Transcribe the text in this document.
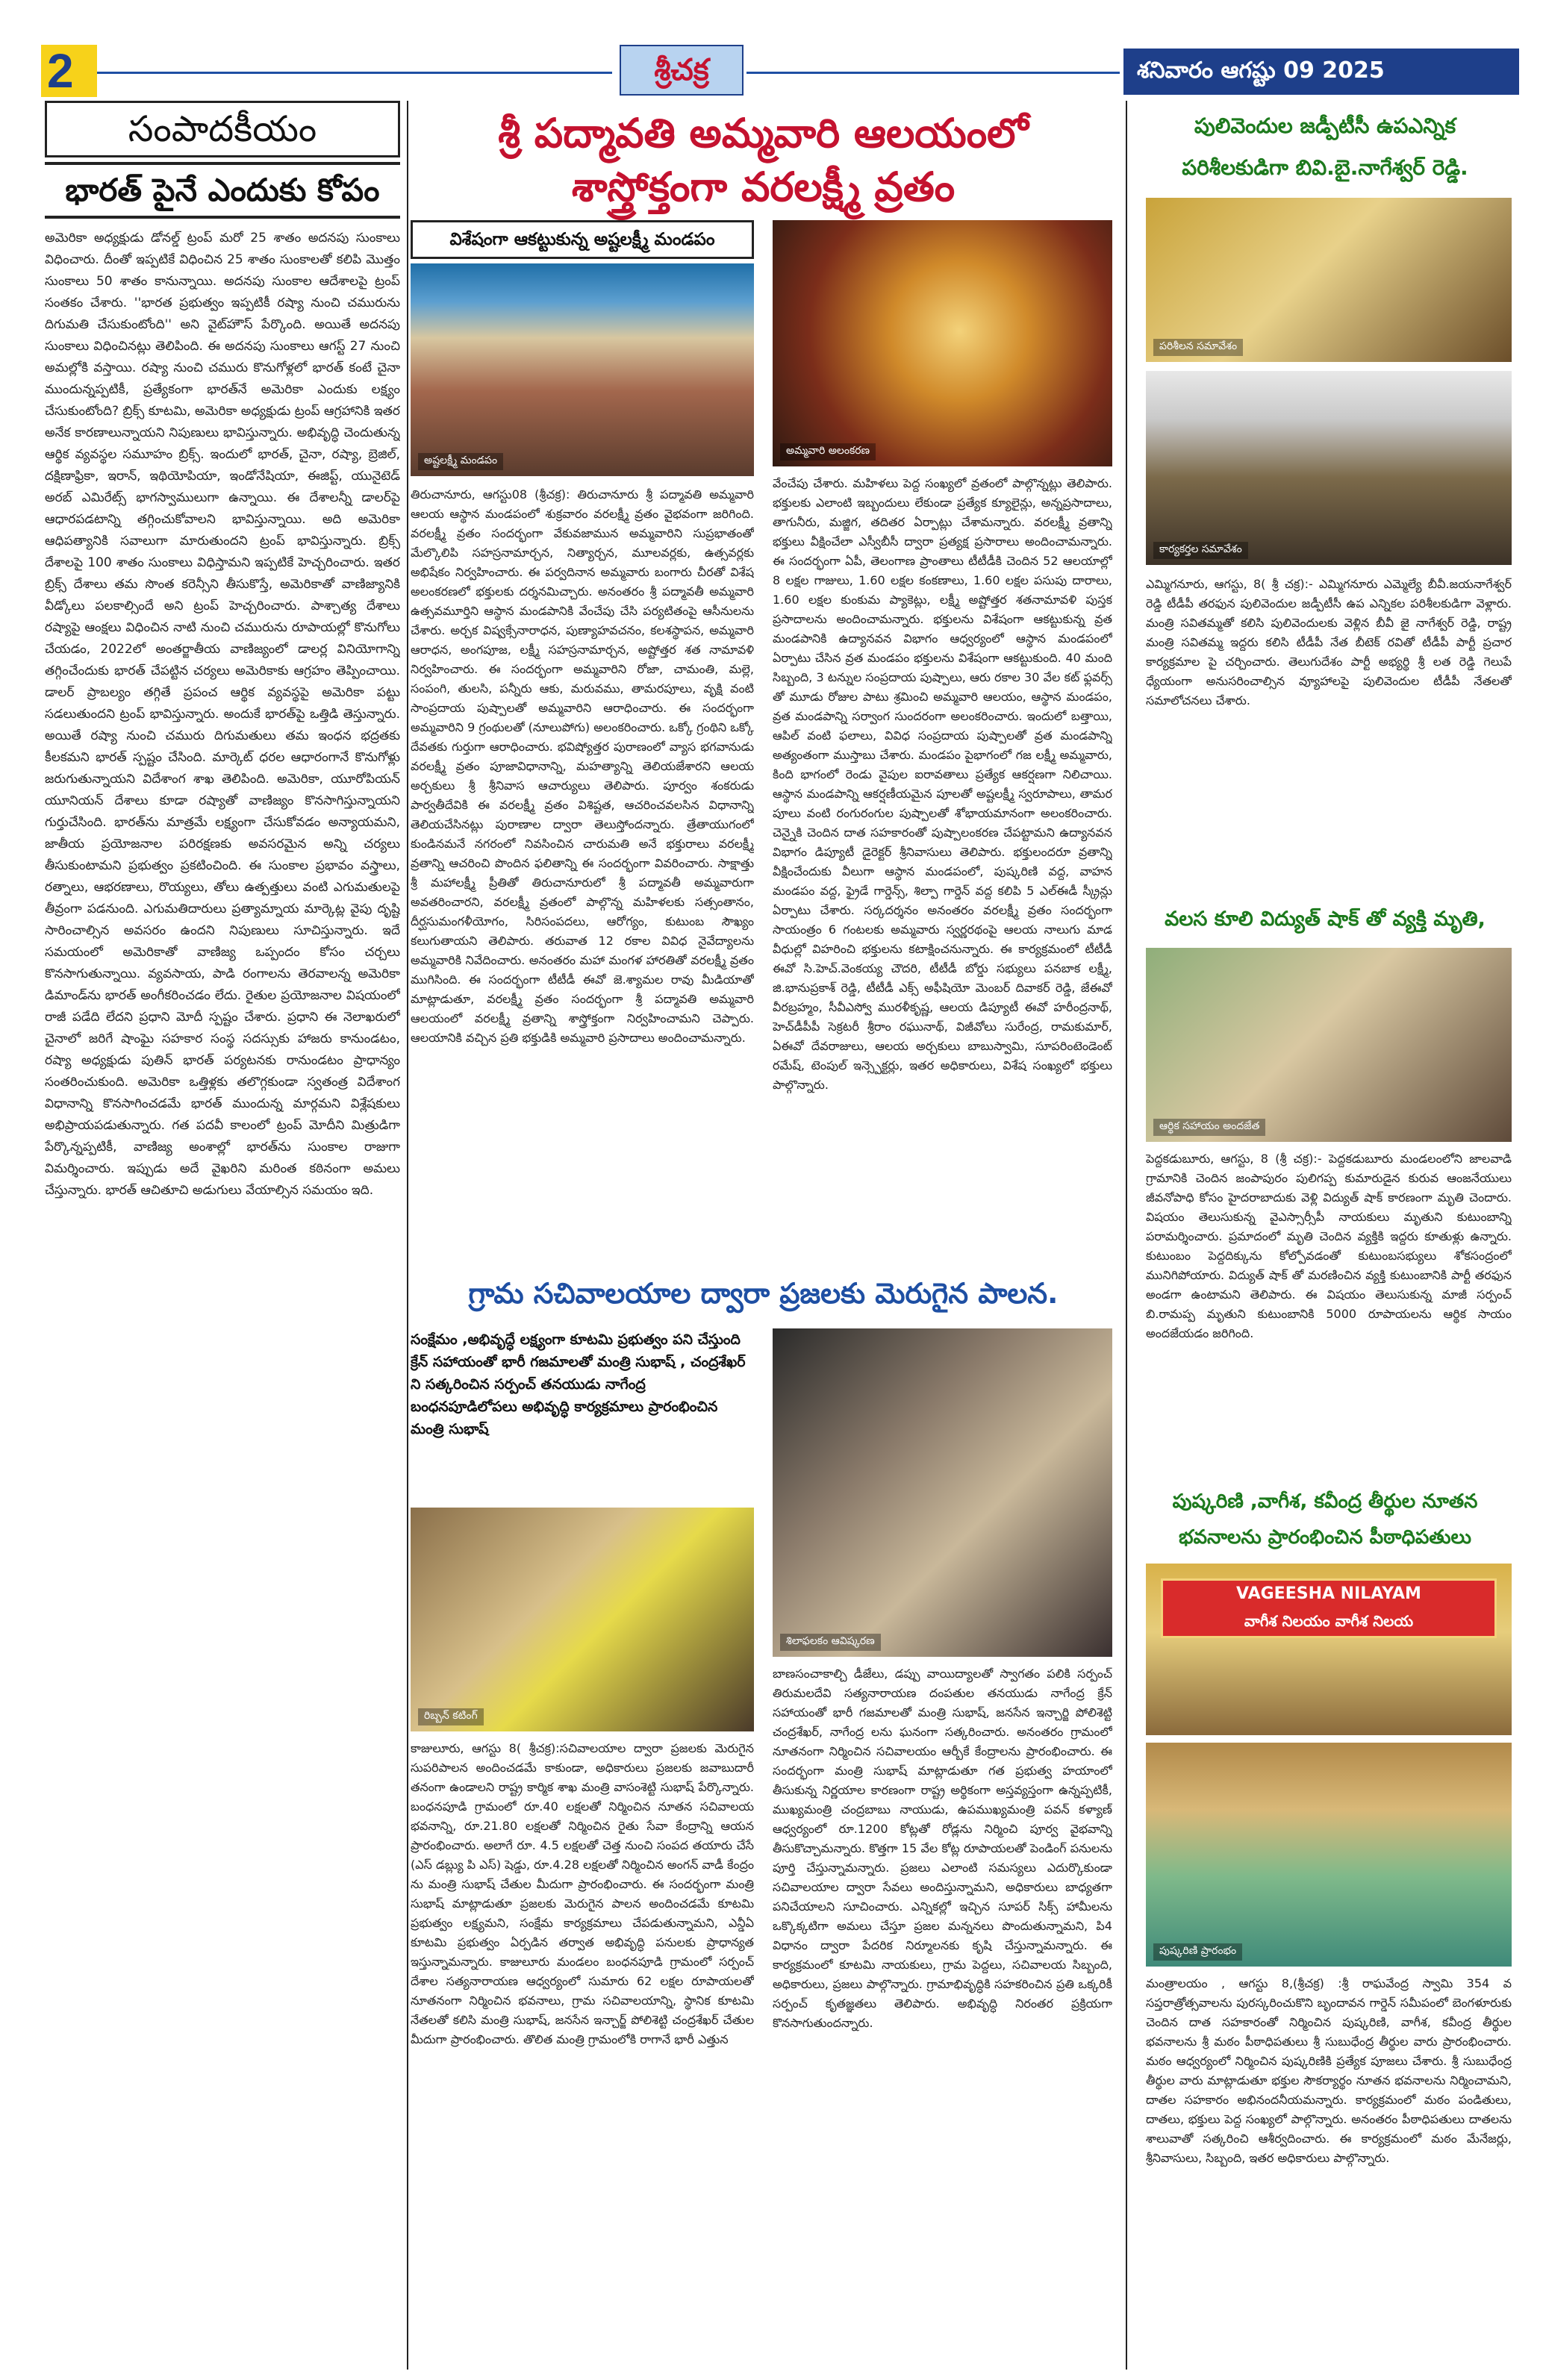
2	శ్రీచక్ర	శనివారం ఆగష్టు 09 2025
సంపాదకీయం
భారత్ పైనే ఎందుకు కోపం
అమెరికా అధ్యక్షుడు డోనల్డ్ ట్రంప్ మరో 25 శాతం అదనపు సుంకాలు విధించారు. దీంతో ఇప్పటికే విధించిన 25 శాతం సుంకాలతో కలిపి మొత్తం సుంకాలు 50 శాతం కానున్నాయి. అదనపు సుంకాల ఆదేశాలపై ట్రంప్ సంతకం చేశారు. ''భారత ప్రభుత్వం ఇప్పటికీ రష్యా నుంచి చమురును దిగుమతి చేసుకుంటోంది'' అని వైట్‌హౌస్ పేర్కొంది. అయితే అదనపు సుంకాలు విధించినట్లు తెలిపింది. ఈ అదనపు సుంకాలు ఆగస్ట్ 27 నుంచి అమల్లోకి వస్తాయి. రష్యా నుంచి చమురు కొనుగోళ్లలో భారత్ కంటే చైనా ముందున్నప్పటికీ, ప్రత్యేకంగా భారత్‌నే అమెరికా ఎందుకు లక్ష్యం చేసుకుంటోంది? బ్రిక్స్ కూటమి, అమెరికా అధ్యక్షుడు ట్రంప్ ఆగ్రహానికి ఇతర అనేక కారణాలున్నాయని నిపుణులు భావిస్తున్నారు. అభివృద్ధి చెందుతున్న ఆర్థిక వ్యవస్థల సమూహం బ్రిక్స్. ఇందులో భారత్, చైనా, రష్యా, బ్రెజిల్, దక్షిణాఫ్రికా, ఇరాన్, ఇథియోపియా, ఇండోనేషియా, ఈజిప్ట్, యునైటెడ్ అరబ్ ఎమిరేట్స్ భాగస్వాములుగా ఉన్నాయి. ఈ దేశాలన్నీ డాలర్‌పై ఆధారపడటాన్ని తగ్గించుకోవాలని భావిస్తున్నాయి. అది అమెరికా ఆధిపత్యానికి సవాలుగా మారుతుందని ట్రంప్ భావిస్తున్నారు. బ్రిక్స్ దేశాలపై 100 శాతం సుంకాలు విధిస్తామని ఇప్పటికే హెచ్చరించారు. ఇతర బ్రిక్స్ దేశాలు తమ సొంత కరెన్సీని తీసుకొస్తే, అమెరికాతో వాణిజ్యానికి వీడ్కోలు పలకాల్సిందే అని ట్రంప్ హెచ్చరించారు. పాశ్చాత్య దేశాలు రష్యాపై ఆంక్షలు విధించిన నాటి నుంచి చమురును రూపాయల్లో కొనుగోలు చేయడం, 2022లో అంతర్జాతీయ వాణిజ్యంలో డాలర్ల వినియోగాన్ని తగ్గించేందుకు భారత్ చేపట్టిన చర్యలు అమెరికాకు ఆగ్రహం తెప్పించాయి. డాలర్ ప్రాబల్యం తగ్గితే ప్రపంచ ఆర్థిక వ్యవస్థపై అమెరికా పట్టు సడలుతుందని ట్రంప్ భావిస్తున్నారు. అందుకే భారత్‌పై ఒత్తిడి తెస్తున్నారు. అయితే రష్యా నుంచి చమురు దిగుమతులు తమ ఇంధన భద్రతకు కీలకమని భారత్ స్పష్టం చేసింది. మార్కెట్ ధరల ఆధారంగానే కొనుగోళ్లు జరుగుతున్నాయని విదేశాంగ శాఖ తెలిపింది. అమెరికా, యూరోపియన్ యూనియన్ దేశాలు కూడా రష్యాతో వాణిజ్యం కొనసాగిస్తున్నాయని గుర్తుచేసింది. భారత్‌ను మాత్రమే లక్ష్యంగా చేసుకోవడం అన్యాయమని, జాతీయ ప్రయోజనాల పరిరక్షణకు అవసరమైన అన్ని చర్యలు తీసుకుంటామని ప్రభుత్వం ప్రకటించింది. ఈ సుంకాల ప్రభావం వస్త్రాలు, రత్నాలు, ఆభరణాలు, రొయ్యలు, తోలు ఉత్పత్తులు వంటి ఎగుమతులపై తీవ్రంగా పడనుంది. ఎగుమతిదారులు ప్రత్యామ్నాయ మార్కెట్ల వైపు దృష్టి సారించాల్సిన అవసరం ఉందని నిపుణులు సూచిస్తున్నారు. ఇదే సమయంలో అమెరికాతో వాణిజ్య ఒప్పందం కోసం చర్చలు కొనసాగుతున్నాయి. వ్యవసాయ, పాడి రంగాలను తెరవాలన్న అమెరికా డిమాండ్‌ను భారత్ అంగీకరించడం లేదు. రైతుల ప్రయోజనాల విషయంలో రాజీ పడేది లేదని ప్రధాని మోదీ స్పష్టం చేశారు. ప్రధాని ఈ నెలాఖరులో చైనాలో జరిగే షాంఘై సహకార సంస్థ సదస్సుకు హాజరు కానుండటం, రష్యా అధ్యక్షుడు పుతిన్ భారత్ పర్యటనకు రానుండటం ప్రాధాన్యం సంతరించుకుంది. అమెరికా ఒత్తిళ్లకు తలొగ్గకుండా స్వతంత్ర విదేశాంగ విధానాన్ని కొనసాగించడమే భారత్ ముందున్న మార్గమని విశ్లేషకులు అభిప్రాయపడుతున్నారు. గత పదవీ కాలంలో ట్రంప్ మోదీని మిత్రుడిగా పేర్కొన్నప్పటికీ, వాణిజ్య అంశాల్లో భారత్‌ను సుంకాల రాజుగా విమర్శించారు. ఇప్పుడు అదే వైఖరిని మరింత కఠినంగా అమలు చేస్తున్నారు. భారత్ ఆచితూచి అడుగులు వేయాల్సిన సమయం ఇది.
శ్రీ పద్మావతి అమ్మవారి ఆలయంలో
శాస్త్రోక్తంగా వరలక్ష్మీ వ్రతం
విశేషంగా ఆకట్టుకున్న అష్టలక్ష్మీ మండపం
అష్టలక్ష్మీ మండపం
అమ్మవారి అలంకరణ
తిరుచానూరు, ఆగస్టు08 (శ్రీచక్ర): తిరుచానూరు శ్రీ పద్మావతి అమ్మవారి ఆలయ ఆస్థాన మండపంలో శుక్రవారం వరలక్ష్మీ వ్రతం వైభవంగా జరిగింది. వరలక్ష్మీ వ్రతం సందర్భంగా వేకువజామున అమ్మవారిని సుప్రభాతంతో మేల్కొలిపి సహస్రనామార్చన, నిత్యార్చన, మూలవర్లకు, ఉత్సవర్లకు అభిషేకం నిర్వహించారు. ఈ పర్వదినాన అమ్మవారు బంగారు చీరతో విశేష అలంకరణలో భక్తులకు దర్శనమిచ్చారు. అనంతరం శ్రీ పద్మావతీ అమ్మవారి ఉత్సవమూర్తిని ఆస్థాన మండపానికి వేంచేపు చేసి పర్యటితంపై ఆసీనులను చేశారు. అర్చక విష్వక్సేనారాధన, పుణ్యాహవచనం, కలశస్థాపన, అమ్మవారి ఆరాధన, అంగపూజ, లక్ష్మీ సహస్రనామార్చన, అష్టోత్తర శత నామావళి నిర్వహించారు. ఈ సందర్భంగా అమ్మవారిని రోజా, చామంతి, మల్లె, సంపంగి, తులసి, పన్నీరు ఆకు, మరువము, తామరపూలు, వృక్షి వంటి సాంప్రదాయ పుష్పాలతో అమ్మవారిని ఆరాధించారు. ఈ సందర్భంగా అమ్మవారిని 9 గ్రంథులతో (నూలుపోగు) అలంకరించారు. ఒక్కో గ్రంథిని ఒక్కో దేవతకు గుర్తుగా ఆరాధించారు. భవిష్యోత్తర పురాణంలో వ్యాస భగవానుడు వరలక్ష్మీ వ్రతం పూజావిధానాన్ని, మహత్యాన్ని తెలియజేశారని ఆలయ అర్చకులు శ్రీ శ్రీనివాస ఆచార్యులు తెలిపారు. పూర్వం శంకరుడు పార్వతీదేవికి ఈ వరలక్ష్మీ వ్రతం విశిష్టత, ఆచరించవలసిన విధానాన్ని తెలియచేసినట్లు పురాణాల ద్వారా తెలుస్తోందన్నారు. త్రేతాయుగంలో కుండినమనే నగరంలో నివసించిన చారుమతి అనే భక్తురాలు వరలక్ష్మీ వ్రతాన్ని ఆచరించి పొందిన ఫలితాన్ని ఈ సందర్భంగా వివరించారు. సాక్షాత్తు శ్రీ మహాలక్ష్మీ ప్రీతితో తిరుచానూరులో శ్రీ పద్మావతీ అమ్మవారుగా అవతరించారని, వరలక్ష్మీ వ్రతంలో పాల్గొన్న మహిళలకు సత్సంతానం, దీర్ఘసుమంగళీయోగం, సిరిసంపదలు, ఆరోగ్యం, కుటుంబ సౌఖ్యం కలుగుతాయని తెలిపారు. తరువాత 12 రకాల వివిధ నైవేద్యాలను అమ్మవారికి నివేదించారు. అనంతరం మహా మంగళ హారతితో వరలక్ష్మీ వ్రతం ముగిసింది. ఈ సందర్భంగా టీటీడీ ఈవో జె.శ్యామల రావు మీడియాతో మాట్లాడుతూ, వరలక్ష్మీ వ్రతం సందర్భంగా శ్రీ పద్మావతి అమ్మవారి ఆలయంలో వరలక్ష్మీ వ్రతాన్ని శాస్త్రోక్తంగా నిర్వహించామని చెప్పారు. ఆలయానికి వచ్చిన ప్రతి భక్తుడికి అమ్మవారి ప్రసాదాలు అందించామన్నారు.
వేంచేపు చేశారు. మహిళలు పెద్ద సంఖ్యలో వ్రతంలో పాల్గొన్నట్లు తెలిపారు. భక్తులకు ఎలాంటి ఇబ్బందులు లేకుండా ప్రత్యేక క్యూలైన్లు, అన్నప్రసాదాలు, తాగునీరు, మజ్జిగ, తదితర ఏర్పాట్లు చేశామన్నారు. వరలక్ష్మీ వ్రతాన్ని భక్తులు వీక్షించేలా ఎస్వీబీసీ ద్వారా ప్రత్యక్ష ప్రసారాలు అందించామన్నారు. ఈ సందర్భంగా ఏపీ, తెలంగాణ ప్రాంతాలు టీటీడీకి చెందిన 52 ఆలయాల్లో 8 లక్షల గాజులు, 1.60 లక్షల కంకణాలు, 1.60 లక్షల పసుపు దారాలు, 1.60 లక్షల కుంకుమ ప్యాకెట్లు, లక్ష్మీ అష్టోత్తర శతనామావళి పుస్తక ప్రసాదాలను అందించామన్నారు. భక్తులను విశేషంగా ఆకట్టుకున్న వ్రత మండపానికి ఉద్యానవన విభాగం ఆధ్వర్యంలో ఆస్థాన మండపంలో ఏర్పాటు చేసిన వ్రత మండపం భక్తులను విశేషంగా ఆకట్టుకుంది. 40 మంది సిబ్బంది, 3 టన్నుల సంప్రదాయ పుష్పాలు, ఆరు రకాల 30 వేల కట్ ఫ్లవర్స్ తో మూడు రోజుల పాటు శ్రమించి అమ్మవారి ఆలయం, ఆస్థాన మండపం, వ్రత మండపాన్ని సర్వాంగ సుందరంగా అలంకరించారు. ఇందులో బత్తాయి, ఆపిల్ వంటి ఫలాలు, వివిధ సంప్రదాయ పుష్పాలతో వ్రత మండపాన్ని అత్యంతంగా ముస్తాబు చేశారు. మండపం పైభాగంలో గజ లక్ష్మీ అమ్మవారు, కింది భాగంలో రెండు వైపుల ఐరావతాలు ప్రత్యేక ఆకర్షణగా నిలిచాయి. ఆస్థాన మండపాన్ని ఆకర్షణీయమైన పూలతో అష్టలక్ష్మీ స్వరూపాలు, తామర పూలు వంటి రంగురంగుల పుష్పాలతో శోభాయమానంగా అలంకరించారు. చెన్నైకి చెందిన దాత సహకారంతో పుష్పాలంకరణ చేపట్టామని ఉద్యానవన విభాగం డిప్యూటీ డైరెక్టర్ శ్రీనివాసులు తెలిపారు. భక్తులందరూ వ్రతాన్ని వీక్షించేందుకు వీలుగా ఆస్థాన మండపంలో, పుష్కరిణి వద్ద, వాహన మండపం వద్ద, ఫ్రైడే గార్డెన్స్, శిల్పా గార్డెన్ వద్ద కలిపి 5 ఎల్ఈడీ స్క్రీన్లు ఏర్పాటు చేశారు. సర్కదర్శనం అనంతరం వరలక్ష్మీ వ్రతం సందర్భంగా సాయంత్రం 6 గంటలకు అమ్మవారు స్వర్ణరథంపై ఆలయ నాలుగు మాడ వీధుల్లో విహరించి భక్తులను కటాక్షించనున్నారు. ఈ కార్యక్రమంలో టీటీడీ ఈవో సి.హెచ్.వెంకయ్య చౌదరి, టీటీడీ బోర్డు సభ్యులు పనబాక లక్ష్మీ, జి.భానుప్రకాశ్ రెడ్డి, టీటీడీ ఎక్స్ అఫీషియో మెంబర్ దివాకర్ రెడ్డి, జేఈవో వీరబ్రహ్మం, సీవీఎస్వో మురళీకృష్ణ, ఆలయ డిప్యూటీ ఈవో హరీంద్రనాథ్, హెచ్‌డీపీపీ సెక్రటరీ శ్రీరాం రఘునాథ్, విజీవోలు సురేంద్ర, రామకుమార్, ఏఈవో దేవరాజులు, ఆలయ అర్చకులు బాబుస్వామి, సూపరింటెండెంట్ రమేష్, టెంపుల్ ఇన్స్పెక్టర్లు, ఇతర అధికారులు, విశేష సంఖ్యలో భక్తులు పాల్గొన్నారు.
పులివెందుల జడ్పీటీసీ ఉపఎన్నిక
పరిశీలకుడిగా బివి.బై.నాగేశ్వర్ రెడ్డి.
పరిశీలన సమావేశం
కార్యకర్తల సమావేశం
ఎమ్మిగనూరు, ఆగస్టు, 8( శ్రీ చక్ర):- ఎమ్మిగనూరు ఎమ్మెల్యే బీవీ.జయనాగేశ్వర్ రెడ్డి టీడీపీ తరఫున పులివెందుల జడ్పీటీసీ ఉప ఎన్నికల పరిశీలకుడిగా వెళ్లారు. మంత్రి సవితమ్మతో కలిసి పులివెందులకు వెళ్లిన బీవీ జై నాగేశ్వర్ రెడ్డి, రాష్ట్ర మంత్రి సవితమ్మ ఇద్దరు కలిసి టీడీపీ నేత బీటెక్ రవితో టీడీపీ పార్టీ ప్రచార కార్యక్రమాల పై చర్చించారు. తెలుగుదేశం పార్టీ అభ్యర్థి శ్రీ లత రెడ్డి గెలుపే ధ్యేయంగా అనుసరించాల్సిన వ్యూహాలపై పులివెందుల టీడీపీ నేతలతో సమాలోచనలు చేశారు.
వలస కూలి విద్యుత్ షాక్ తో వ్యక్తి మృతి,
ఆర్థిక సహాయం అందజేత
పెద్దకడుబూరు, ఆగస్టు, 8 (శ్రీ చక్ర):- పెద్దకడుబూరు మండలంలోని జాలవాడి గ్రామానికి చెందిన జంపాపురం పులిగప్ప కుమారుడైన కురువ ఆంజనేయులు జీవనోపాధి కోసం హైదరాబాదుకు వెళ్లి విద్యుత్ షాక్ కారణంగా మృతి చెందారు. విషయం తెలుసుకున్న వైఎస్సార్సీపీ నాయకులు మృతుని కుటుంబాన్ని పరామర్శించారు. ప్రమాదంలో మృతి చెందిన వ్యక్తికి ఇద్దరు కూతుళ్లు ఉన్నారు. కుటుంబం పెద్దదిక్కును కోల్పోవడంతో కుటుంబసభ్యులు శోకసంద్రంలో మునిగిపోయారు. విద్యుత్ షాక్ తో మరణించిన వ్యక్తి కుటుంబానికి పార్టీ తరఫున అండగా ఉంటామని తెలిపారు. ఈ విషయం తెలుసుకున్న మాజీ సర్పంచ్ బి.రామప్ప మృతుని కుటుంబానికి 5000 రూపాయలను ఆర్థిక సాయం అందజేయడం జరిగింది.
పుష్కరిణి ,వాగీశ, కవీంద్ర తీర్థుల నూతన
భవనాలను ప్రారంభించిన పీఠాధిపతులు
VAGEESHA NILAYAM
వాగీశ నిలయం వాగీశ నిలయ
పుష్కరిణి ప్రారంభం
మంత్రాలయం , ఆగస్టు 8,(శ్రీచక్ర) :శ్రీ రాఘవేంద్ర స్వామి 354 వ సప్తరాత్రోత్సవాలను పురస్కరించుకొని బృందావన గార్డెన్ సమీపంలో బెంగళూరుకు చెందిన దాత సహకారంతో నిర్మించిన పుష్కరిణి, వాగీశ, కవీంద్ర తీర్థుల భవనాలను శ్రీ మఠం పీఠాధిపతులు శ్రీ సుబుధేంద్ర తీర్థుల వారు ప్రారంభించారు. మఠం ఆధ్వర్యంలో నిర్మించిన పుష్కరిణికి ప్రత్యేక పూజలు చేశారు. శ్రీ సుబుధేంద్ర తీర్థుల వారు మాట్లాడుతూ భక్తుల సౌకర్యార్థం నూతన భవనాలను నిర్మించామని, దాతల సహకారం అభినందనీయమన్నారు. కార్యక్రమంలో మఠం పండితులు, దాతలు, భక్తులు పెద్ద సంఖ్యలో పాల్గొన్నారు. అనంతరం పీఠాధిపతులు దాతలను శాలువాతో సత్కరించి ఆశీర్వదించారు. ఈ కార్యక్రమంలో మఠం మేనేజర్లు, శ్రీనివాసులు, సిబ్బంది, ఇతర అధికారులు పాల్గొన్నారు.
గ్రామ సచివాలయాల ద్వారా ప్రజలకు మెరుగైన పాలన.
సంక్షేమం ,అభివృద్ధే లక్ష్యంగా కూటమి ప్రభుత్వం పని చేస్తుంది క్రేన్ సహాయంతో భారీ గజమాలతో మంత్రి సుభాష్ , చంద్రశేఖర్ ని సత్కరించిన సర్పంచ్ తనయుడు నాగేంద్ర బంధనపూడిలోపలు అభివృద్ధి కార్యక్రమాలు ప్రారంభించిన మంత్రి సుభాష్
రిబ్బన్ కటింగ్
శిలాఫలకం ఆవిష్కరణ
కాజులూరు, ఆగస్టు 8( శ్రీచక్ర):సచివాలయాల ద్వారా ప్రజలకు మెరుగైన సుపరిపాలన అందించడమే కాకుండా, అధికారులు ప్రజలకు జవాబుదారీ తనంగా ఉండాలని రాష్ట్ర కార్మిక శాఖ మంత్రి వాసంశెట్టి సుభాష్ పేర్కొన్నారు. బంధనపూడి గ్రామంలో రూ.40 లక్షలతో నిర్మించిన నూతన సచివాలయ భవనాన్ని, రూ.21.80 లక్షలతో నిర్మించిన రైతు సేవా కేంద్రాన్ని ఆయన ప్రారంభించారు. అలాగే రూ. 4.5 లక్షలతో చెత్త నుంచి సంపద తయారు చేసే (ఎస్ డబ్ల్యు పి ఎస్) షెడ్డు, రూ.4.28 లక్షలతో నిర్మించిన అంగన్ వాడీ కేంద్రం ను మంత్రి సుభాష్ చేతుల మీదుగా ప్రారంభించారు. ఈ సందర్భంగా మంత్రి సుభాష్ మాట్లాడుతూ ప్రజలకు మెరుగైన పాలన అందించడమే కూటమి ప్రభుత్వం లక్ష్యమని, సంక్షేమ కార్యక్రమాలు చేపడుతున్నామని, ఎన్డీఏ కూటమి ప్రభుత్వం ఏర్పడిన తర్వాత అభివృద్ధి పనులకు ప్రాధాన్యత ఇస్తున్నామన్నారు. కాజులూరు మండలం బంధనపూడి గ్రామంలో సర్పంచ్ దేశాల సత్యనారాయణ ఆధ్వర్యంలో సుమారు 62 లక్షల రూపాయలతో నూతనంగా నిర్మించిన భవనాలు, గ్రామ సచివాలయాన్ని, స్థానిక కూటమి నేతలతో కలిసి మంత్రి సుభాష్, జనసేన ఇన్చార్జ్ పోలిశెట్టి చంద్రశేఖర్ చేతుల మీదుగా ప్రారంభించారు. తొలిత మంత్రి గ్రామంలోకి రాగానే భారీ ఎత్తున
బాణసంచాకాల్చి డీజేలు, డప్పు వాయిద్యాలతో స్వాగతం పలికి సర్పంచ్ తిరుమలదేవి సత్యనారాయణ దంపతుల తనయుడు నాగేంద్ర క్రేన్ సహాయంతో భారీ గజమాలతో మంత్రి సుభాష్, జనసేన ఇన్చార్జి పోలిశెట్టి చంద్రశేఖర్, నాగేంద్ర లను ఘనంగా సత్కరించారు. అనంతరం గ్రామంలో నూతనంగా నిర్మించిన సచివాలయం ఆర్బీకే కేంద్రాలను ప్రారంభించారు. ఈ సందర్భంగా మంత్రి సుభాష్ మాట్లాడుతూ గత ప్రభుత్వ హయాంలో తీసుకున్న నిర్ణయాల కారణంగా రాష్ట్ర అర్థికంగా అస్తవ్యస్తంగా ఉన్నప్పటికీ, ముఖ్యమంత్రి చంద్రబాబు నాయుడు, ఉపముఖ్యమంత్రి పవన్ కళ్యాణ్ ఆధ్వర్యంలో రూ.1200 కోట్లతో రోడ్లను నిర్మించి పూర్వ వైభవాన్ని తీసుకొచ్చామన్నారు. కొత్తగా 15 వేల కోట్ల రూపాయలతో పెండింగ్ పనులను పూర్తి చేస్తున్నామన్నారు. ప్రజలు ఎలాంటి సమస్యలు ఎదుర్కొకుండా సచివాలయాల ద్వారా సేవలు అందిస్తున్నామని, అధికారులు బాధ్యతగా పనిచేయాలని సూచించారు. ఎన్నికల్లో ఇచ్చిన సూపర్ సిక్స్ హామీలను ఒక్కొక్కటిగా అమలు చేస్తూ ప్రజల మన్ననలు పొందుతున్నామని, పి4 విధానం ద్వారా పేదరిక నిర్మూలనకు కృషి చేస్తున్నామన్నారు. ఈ కార్యక్రమంలో కూటమి నాయకులు, గ్రామ పెద్దలు, సచివాలయ సిబ్బంది, అధికారులు, ప్రజలు పాల్గొన్నారు. గ్రామాభివృద్ధికి సహకరించిన ప్రతి ఒక్కరికీ సర్పంచ్ కృతజ్ఞతలు తెలిపారు. అభివృద్ధి నిరంతర ప్రక్రియగా కొనసాగుతుందన్నారు.
